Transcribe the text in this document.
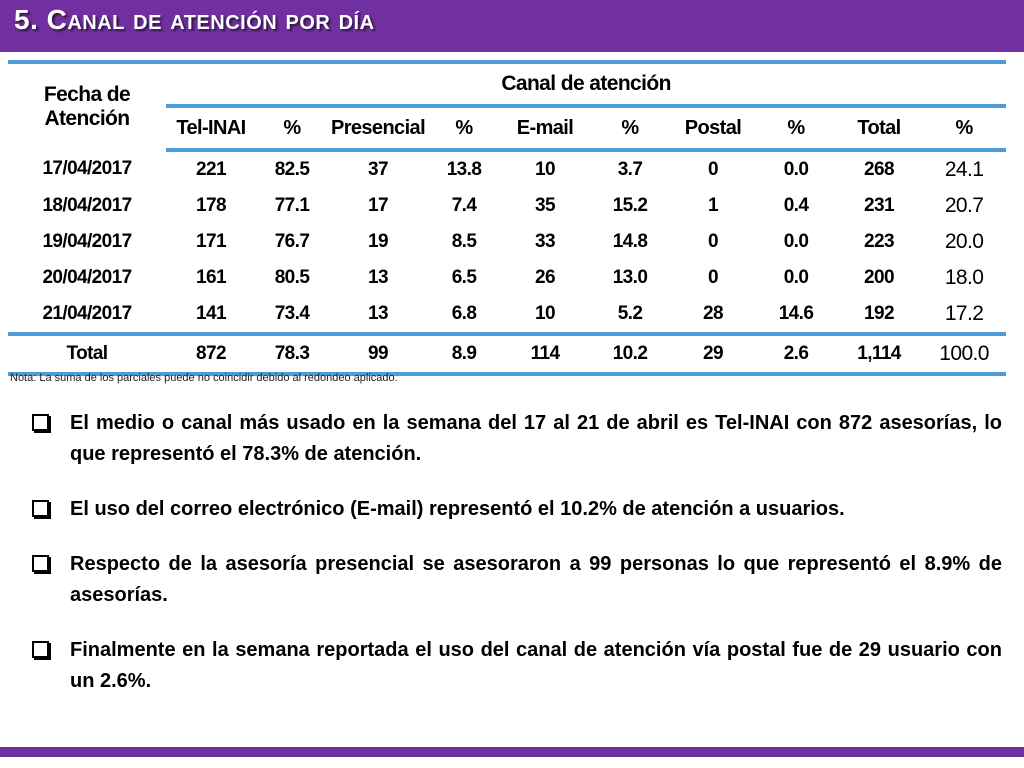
5. Canal de atención por día
Fecha de Atención	Canal de atención									
	Tel-INAI	%	Presencial	%	E-mail	%	Postal	%	Total	%
17/04/2017	221	82.5	37	13.8	10	3.7	0	0.0	268	24.1
18/04/2017	178	77.1	17	7.4	35	15.2	1	0.4	231	20.7
19/04/2017	171	76.7	19	8.5	33	14.8	0	0.0	223	20.0
20/04/2017	161	80.5	13	6.5	26	13.0	0	0.0	200	18.0
21/04/2017	141	73.4	13	6.8	10	5.2	28	14.6	192	17.2
Total	872	78.3	99	8.9	114	10.2	29	2.6	1,114	100.0
Nota: La suma de los parciales puede no coincidir debido al redondeo aplicado.
El medio o canal más usado en la semana del 17 al 21 de abril es Tel-INAI con 872 asesorías, lo que representó el 78.3% de atención.
El uso del correo electrónico (E-mail) representó el 10.2% de atención a usuarios.
Respecto de la asesoría presencial se asesoraron a 99 personas lo que representó el 8.9% de asesorías.
Finalmente en la semana reportada el uso del canal de atención vía postal fue de 29 usuario con un 2.6%.
